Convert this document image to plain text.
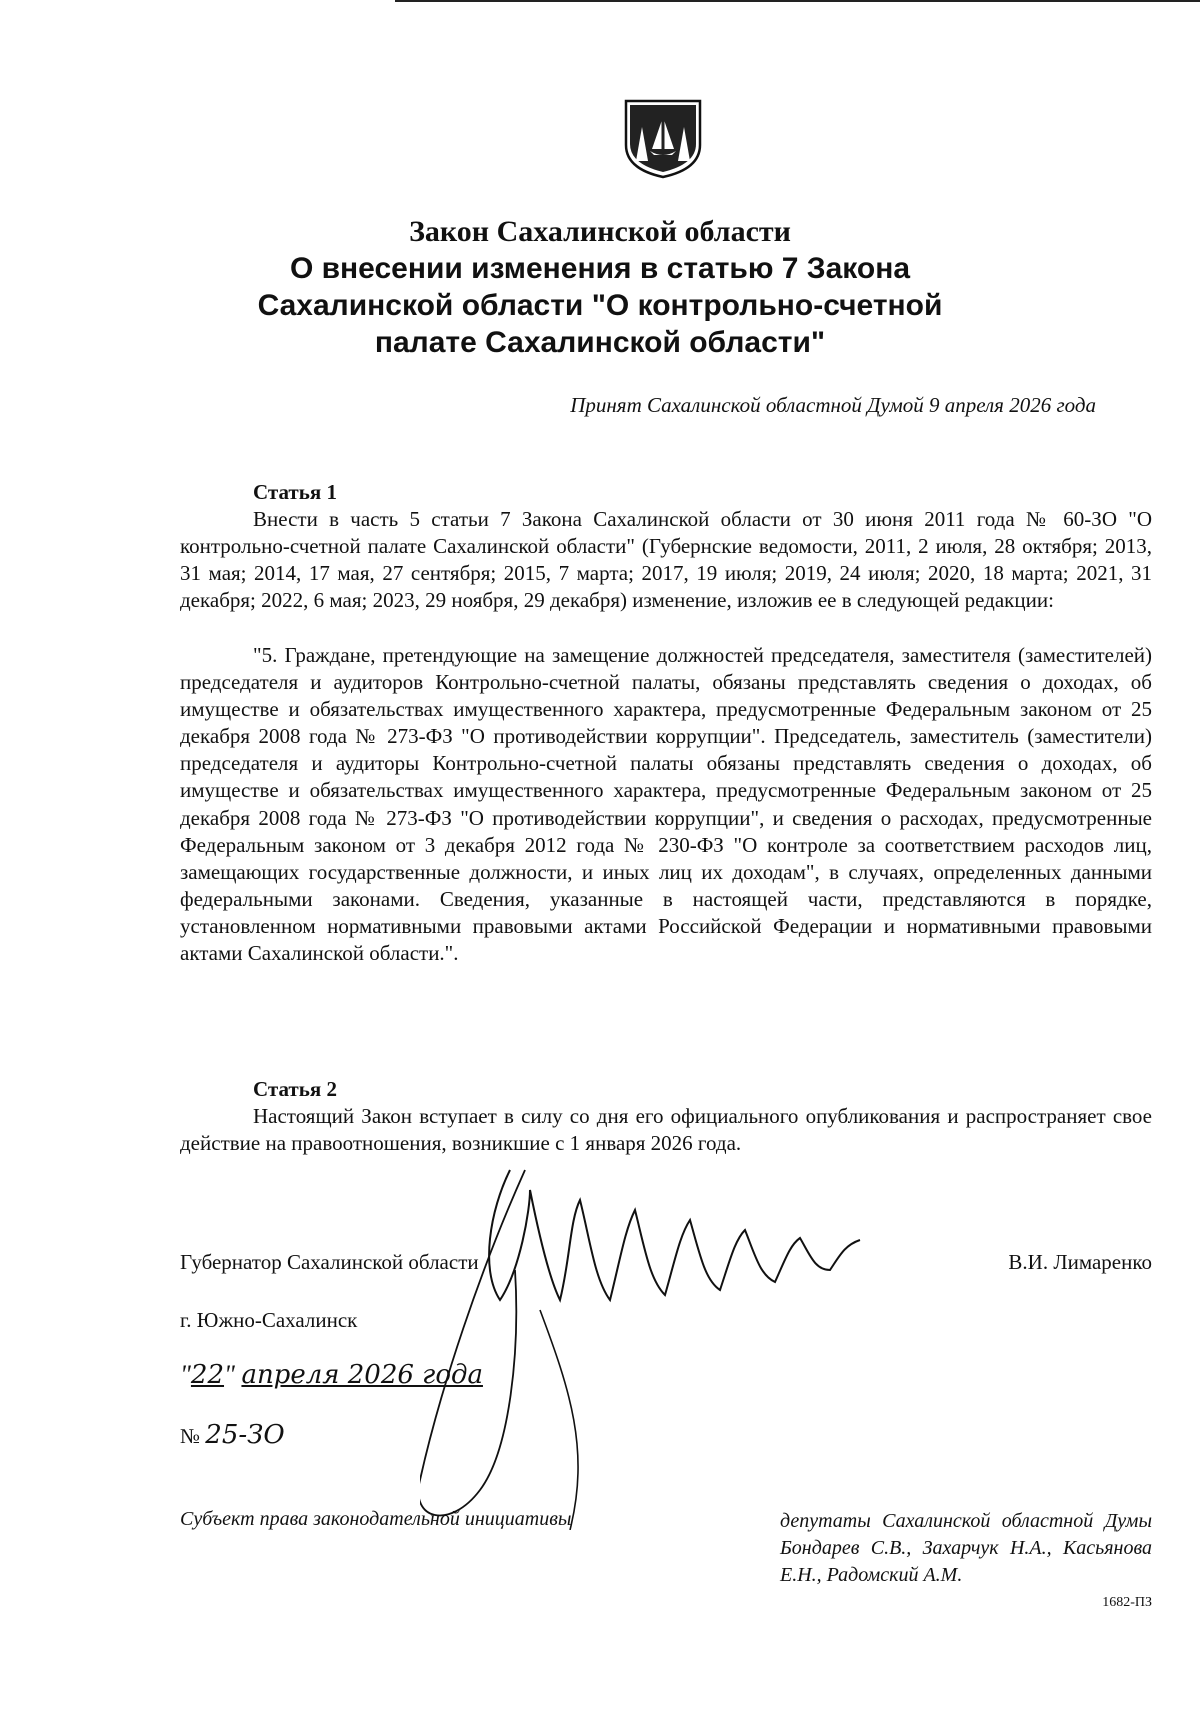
Закон Сахалинской области
О внесении изменения в статью 7 Закона
Сахалинской области "О контрольно-счетной
палате Сахалинской области"
Принят Сахалинской областной Думой 9 апреля 2026 года
Статья 1
Внести в часть 5 статьи 7 Закона Сахалинской области от 30 июня 2011 года № 60-ЗО "О контрольно-счетной палате Сахалинской области" (Губернские ведомости, 2011, 2 июля, 28 октября; 2013, 31 мая; 2014, 17 мая, 27 сентября; 2015, 7 марта; 2017, 19 июля; 2019, 24 июля; 2020, 18 марта; 2021, 31 декабря; 2022, 6 мая; 2023, 29 ноября, 29 декабря) изменение, изложив ее в следующей редакции:
"5. Граждане, претендующие на замещение должностей председателя, заместителя (заместителей) председателя и аудиторов Контрольно-счетной палаты, обязаны представлять сведения о доходах, об имуществе и обязательствах имущественного характера, предусмотренные Федеральным законом от 25 декабря 2008 года № 273-ФЗ "О противодействии коррупции". Председатель, заместитель (заместители) председателя и аудиторы Контрольно-счетной палаты обязаны представлять сведения о доходах, об имуществе и обязательствах имущественного характера, предусмотренные Федеральным законом от 25 декабря 2008 года № 273-ФЗ "О противодействии коррупции", и сведения о расходах, предусмотренные Федеральным законом от 3 декабря 2012 года № 230-ФЗ "О контроле за соответствием расходов лиц, замещающих государственные должности, и иных лиц их доходам", в случаях, определенных данными федеральными законами. Сведения, указанные в настоящей части, представляются в порядке, установленном нормативными правовыми актами Российской Федерации и нормативными правовыми актами Сахалинской области.".
Статья 2
Настоящий Закон вступает в силу со дня его официального опубликования и распространяет свое действие на правоотношения, возникшие с 1 января 2026 года.
Губернатор Сахалинской области	В.И. Лимаренко
г. Южно-Сахалинск
"22" апреля 2026 года
№ 25-ЗО
Субъект права законодательной инициативы	депутаты Сахалинской областной Думы Бондарев С.В., Захарчук Н.А., Касьянова Е.Н., Радомский А.М.
1682-ПЗ
